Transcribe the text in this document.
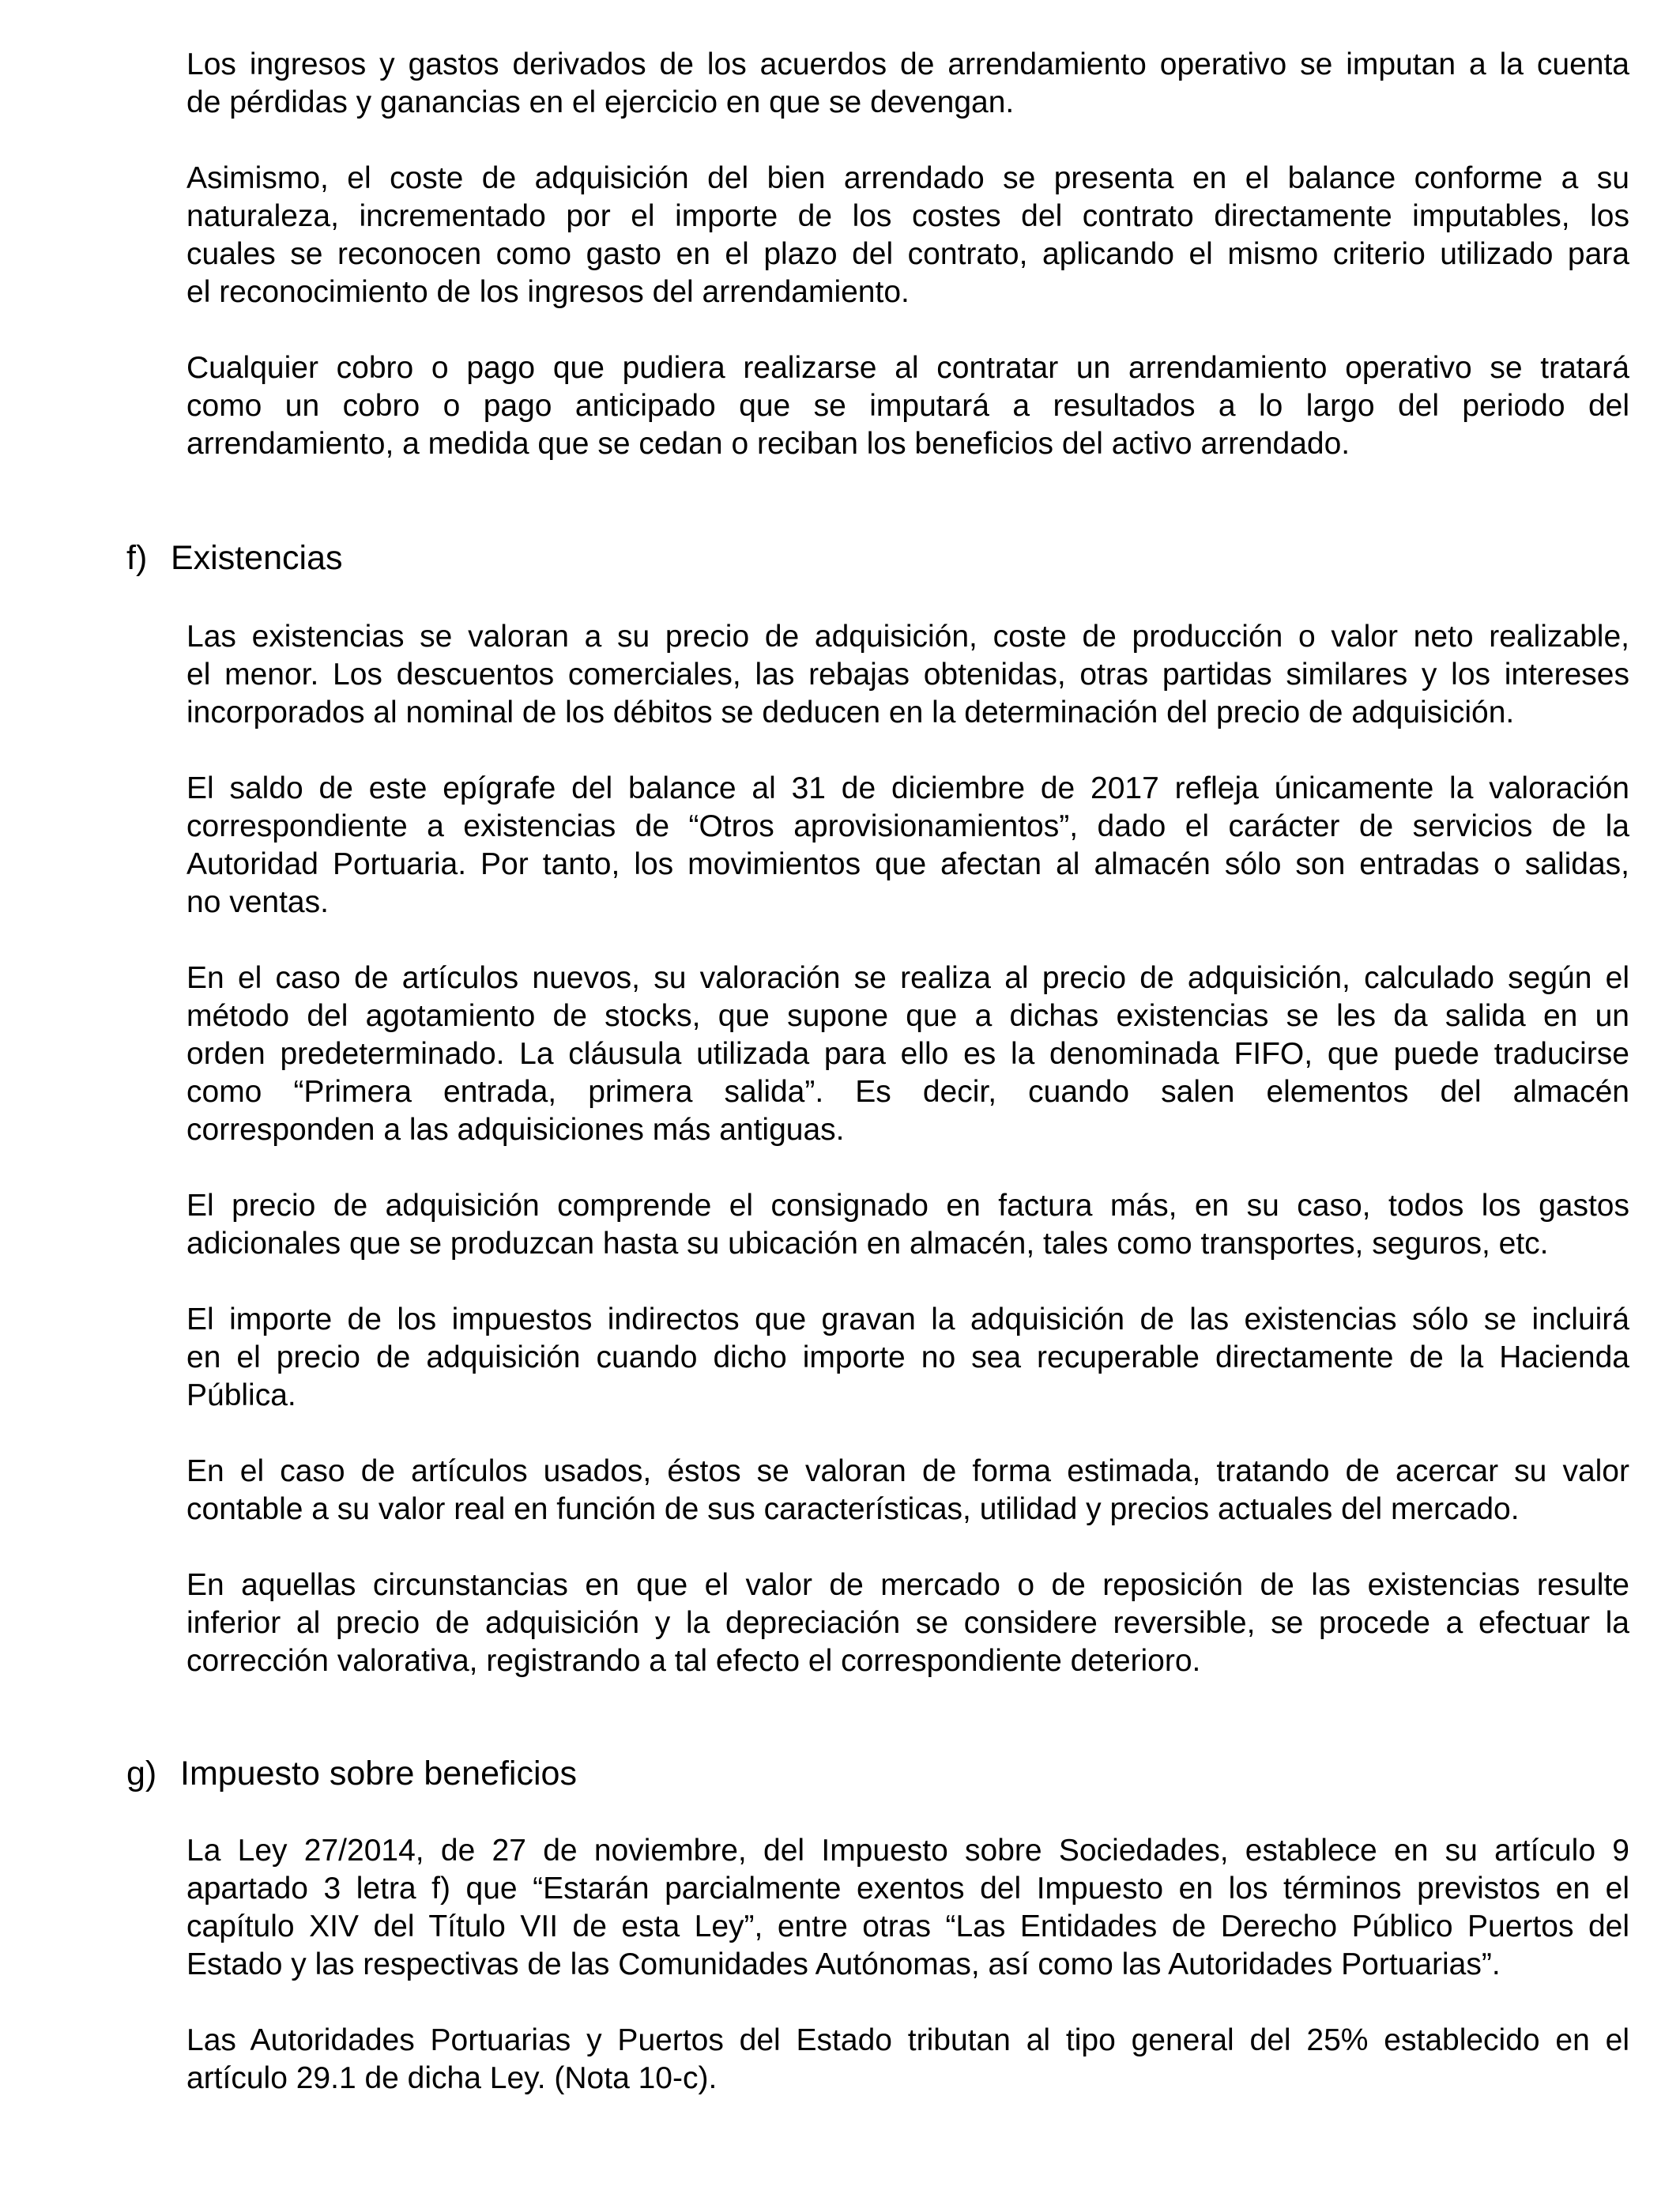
Los ingresos y gastos derivados de los acuerdos de arrendamiento operativo se imputan a la cuenta
de pérdidas y ganancias en el ejercicio en que se devengan.

Asimismo, el coste de adquisición del bien arrendado se presenta en el balance conforme a su
naturaleza, incrementado por el importe de los costes del contrato directamente imputables, los
cuales se reconocen como gasto en el plazo del contrato, aplicando el mismo criterio utilizado para
el reconocimiento de los ingresos del arrendamiento.

Cualquier cobro o pago que pudiera realizarse al contratar un arrendamiento operativo se tratará
como un cobro o pago anticipado que se imputará a resultados a lo largo del periodo del
arrendamiento, a medida que se cedan o reciban los beneficios del activo arrendado.

f) Existencias

Las existencias se valoran a su precio de adquisición, coste de producción o valor neto realizable,
el menor. Los descuentos comerciales, las rebajas obtenidas, otras partidas similares y los intereses
incorporados al nominal de los débitos se deducen en la determinación del precio de adquisición.

El saldo de este epígrafe del balance al 31 de diciembre de 2017 refleja únicamente la valoración
correspondiente a existencias de “Otros aprovisionamientos”, dado el carácter de servicios de la
Autoridad Portuaria. Por tanto, los movimientos que afectan al almacén sólo son entradas o salidas,
no ventas.

En el caso de artículos nuevos, su valoración se realiza al precio de adquisición, calculado según el
método del agotamiento de stocks, que supone que a dichas existencias se les da salida en un
orden predeterminado. La cláusula utilizada para ello es la denominada FIFO, que puede traducirse
como “Primera entrada, primera salida”. Es decir, cuando salen elementos del almacén
corresponden a las adquisiciones más antiguas.

El precio de adquisición comprende el consignado en factura más, en su caso, todos los gastos
adicionales que se produzcan hasta su ubicación en almacén, tales como transportes, seguros, etc.

El importe de los impuestos indirectos que gravan la adquisición de las existencias sólo se incluirá
en el precio de adquisición cuando dicho importe no sea recuperable directamente de la Hacienda
Pública.

En el caso de artículos usados, éstos se valoran de forma estimada, tratando de acercar su valor
contable a su valor real en función de sus características, utilidad y precios actuales del mercado.

En aquellas circunstancias en que el valor de mercado o de reposición de las existencias resulte
inferior al precio de adquisición y la depreciación se considere reversible, se procede a efectuar la
corrección valorativa, registrando a tal efecto el correspondiente deterioro.

g) Impuesto sobre beneficios

La Ley 27/2014, de 27 de noviembre, del Impuesto sobre Sociedades, establece en su artículo 9
apartado 3 letra f) que “Estarán parcialmente exentos del Impuesto en los términos previstos en el
capítulo XIV del Título VII de esta Ley”, entre otras “Las Entidades de Derecho Público Puertos del
Estado y las respectivas de las Comunidades Autónomas, así como las Autoridades Portuarias”.

Las Autoridades Portuarias y Puertos del Estado tributan al tipo general del 25% establecido en el
artículo 29.1 de dicha Ley. (Nota 10-c).
